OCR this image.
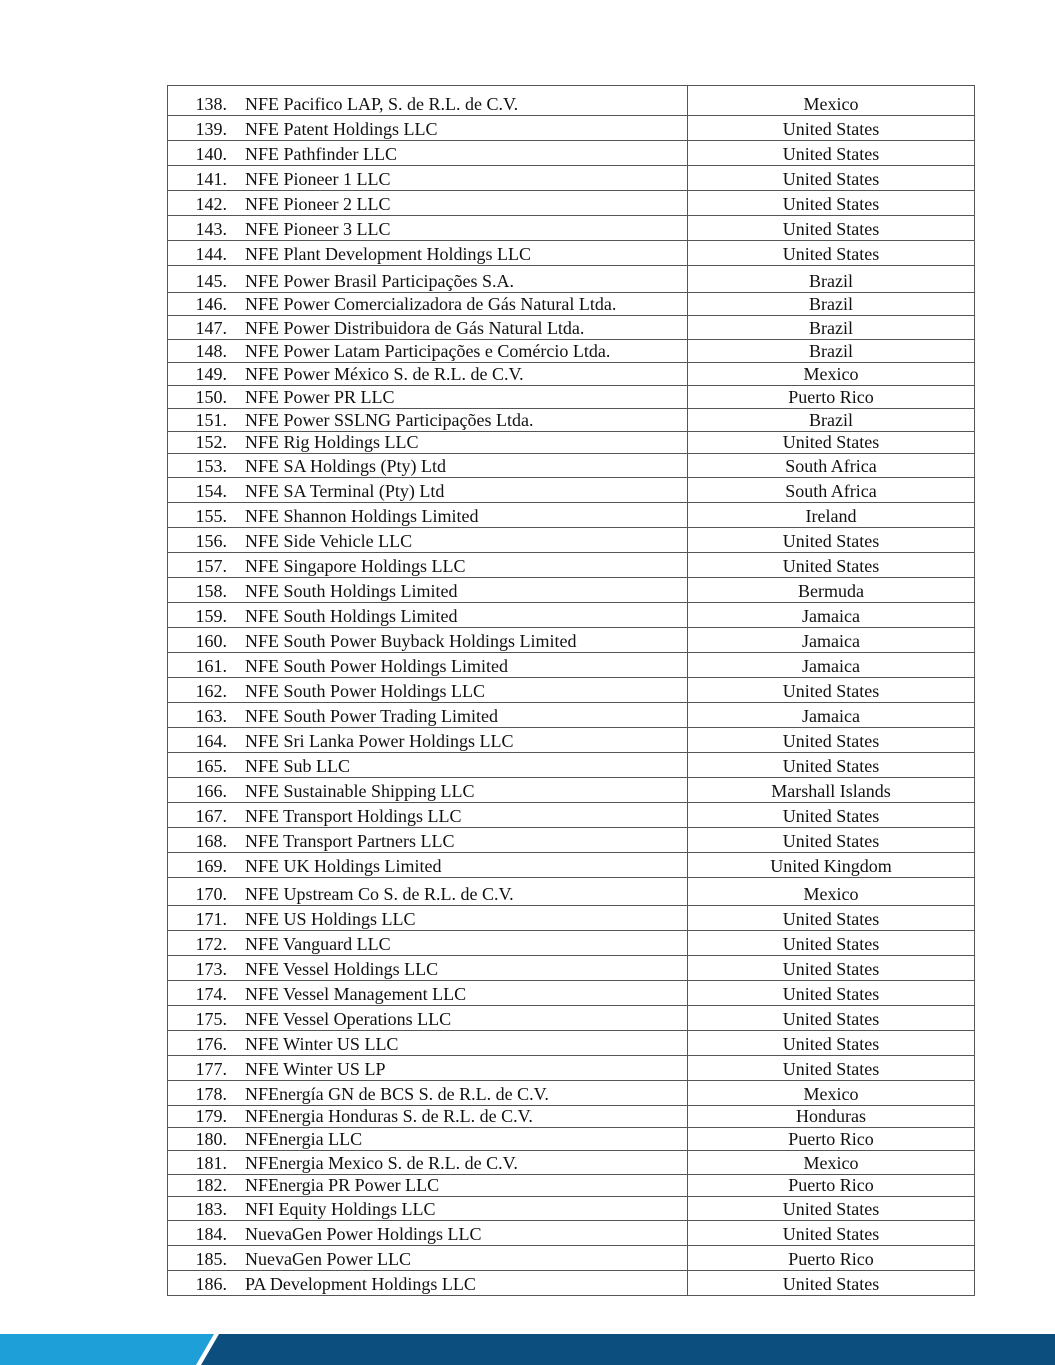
138. NFE Pacifico LAP, S. de R.L. de C.V.	Mexico
139. NFE Patent Holdings LLC	United States
140. NFE Pathfinder LLC	United States
141. NFE Pioneer 1 LLC	United States
142. NFE Pioneer 2 LLC	United States
143. NFE Pioneer 3 LLC	United States
144. NFE Plant Development Holdings LLC	United States
145. NFE Power Brasil Participações S.A.	Brazil
146. NFE Power Comercializadora de Gás Natural Ltda.	Brazil
147. NFE Power Distribuidora de Gás Natural Ltda.	Brazil
148. NFE Power Latam Participações e Comércio Ltda.	Brazil
149. NFE Power México S. de R.L. de C.V.	Mexico
150. NFE Power PR LLC	Puerto Rico
151. NFE Power SSLNG Participações Ltda.	Brazil
152. NFE Rig Holdings LLC	United States
153. NFE SA Holdings (Pty) Ltd	South Africa
154. NFE SA Terminal (Pty) Ltd	South Africa
155. NFE Shannon Holdings Limited	Ireland
156. NFE Side Vehicle LLC	United States
157. NFE Singapore Holdings LLC	United States
158. NFE South Holdings Limited	Bermuda
159. NFE South Holdings Limited	Jamaica
160. NFE South Power Buyback Holdings Limited	Jamaica
161. NFE South Power Holdings Limited	Jamaica
162. NFE South Power Holdings LLC	United States
163. NFE South Power Trading Limited	Jamaica
164. NFE Sri Lanka Power Holdings LLC	United States
165. NFE Sub LLC	United States
166. NFE Sustainable Shipping LLC	Marshall Islands
167. NFE Transport Holdings LLC	United States
168. NFE Transport Partners LLC	United States
169. NFE UK Holdings Limited	United Kingdom
170. NFE Upstream Co S. de R.L. de C.V.	Mexico
171. NFE US Holdings LLC	United States
172. NFE Vanguard LLC	United States
173. NFE Vessel Holdings LLC	United States
174. NFE Vessel Management LLC	United States
175. NFE Vessel Operations LLC	United States
176. NFE Winter US LLC	United States
177. NFE Winter US LP	United States
178. NFEnergía GN de BCS S. de R.L. de C.V.	Mexico
179. NFEnergia Honduras S. de R.L. de C.V.	Honduras
180. NFEnergia LLC	Puerto Rico
181. NFEnergia Mexico S. de R.L. de C.V.	Mexico
182. NFEnergia PR Power LLC	Puerto Rico
183. NFI Equity Holdings LLC	United States
184. NuevaGen Power Holdings LLC	United States
185. NuevaGen Power LLC	Puerto Rico
186. PA Development Holdings LLC	United States
